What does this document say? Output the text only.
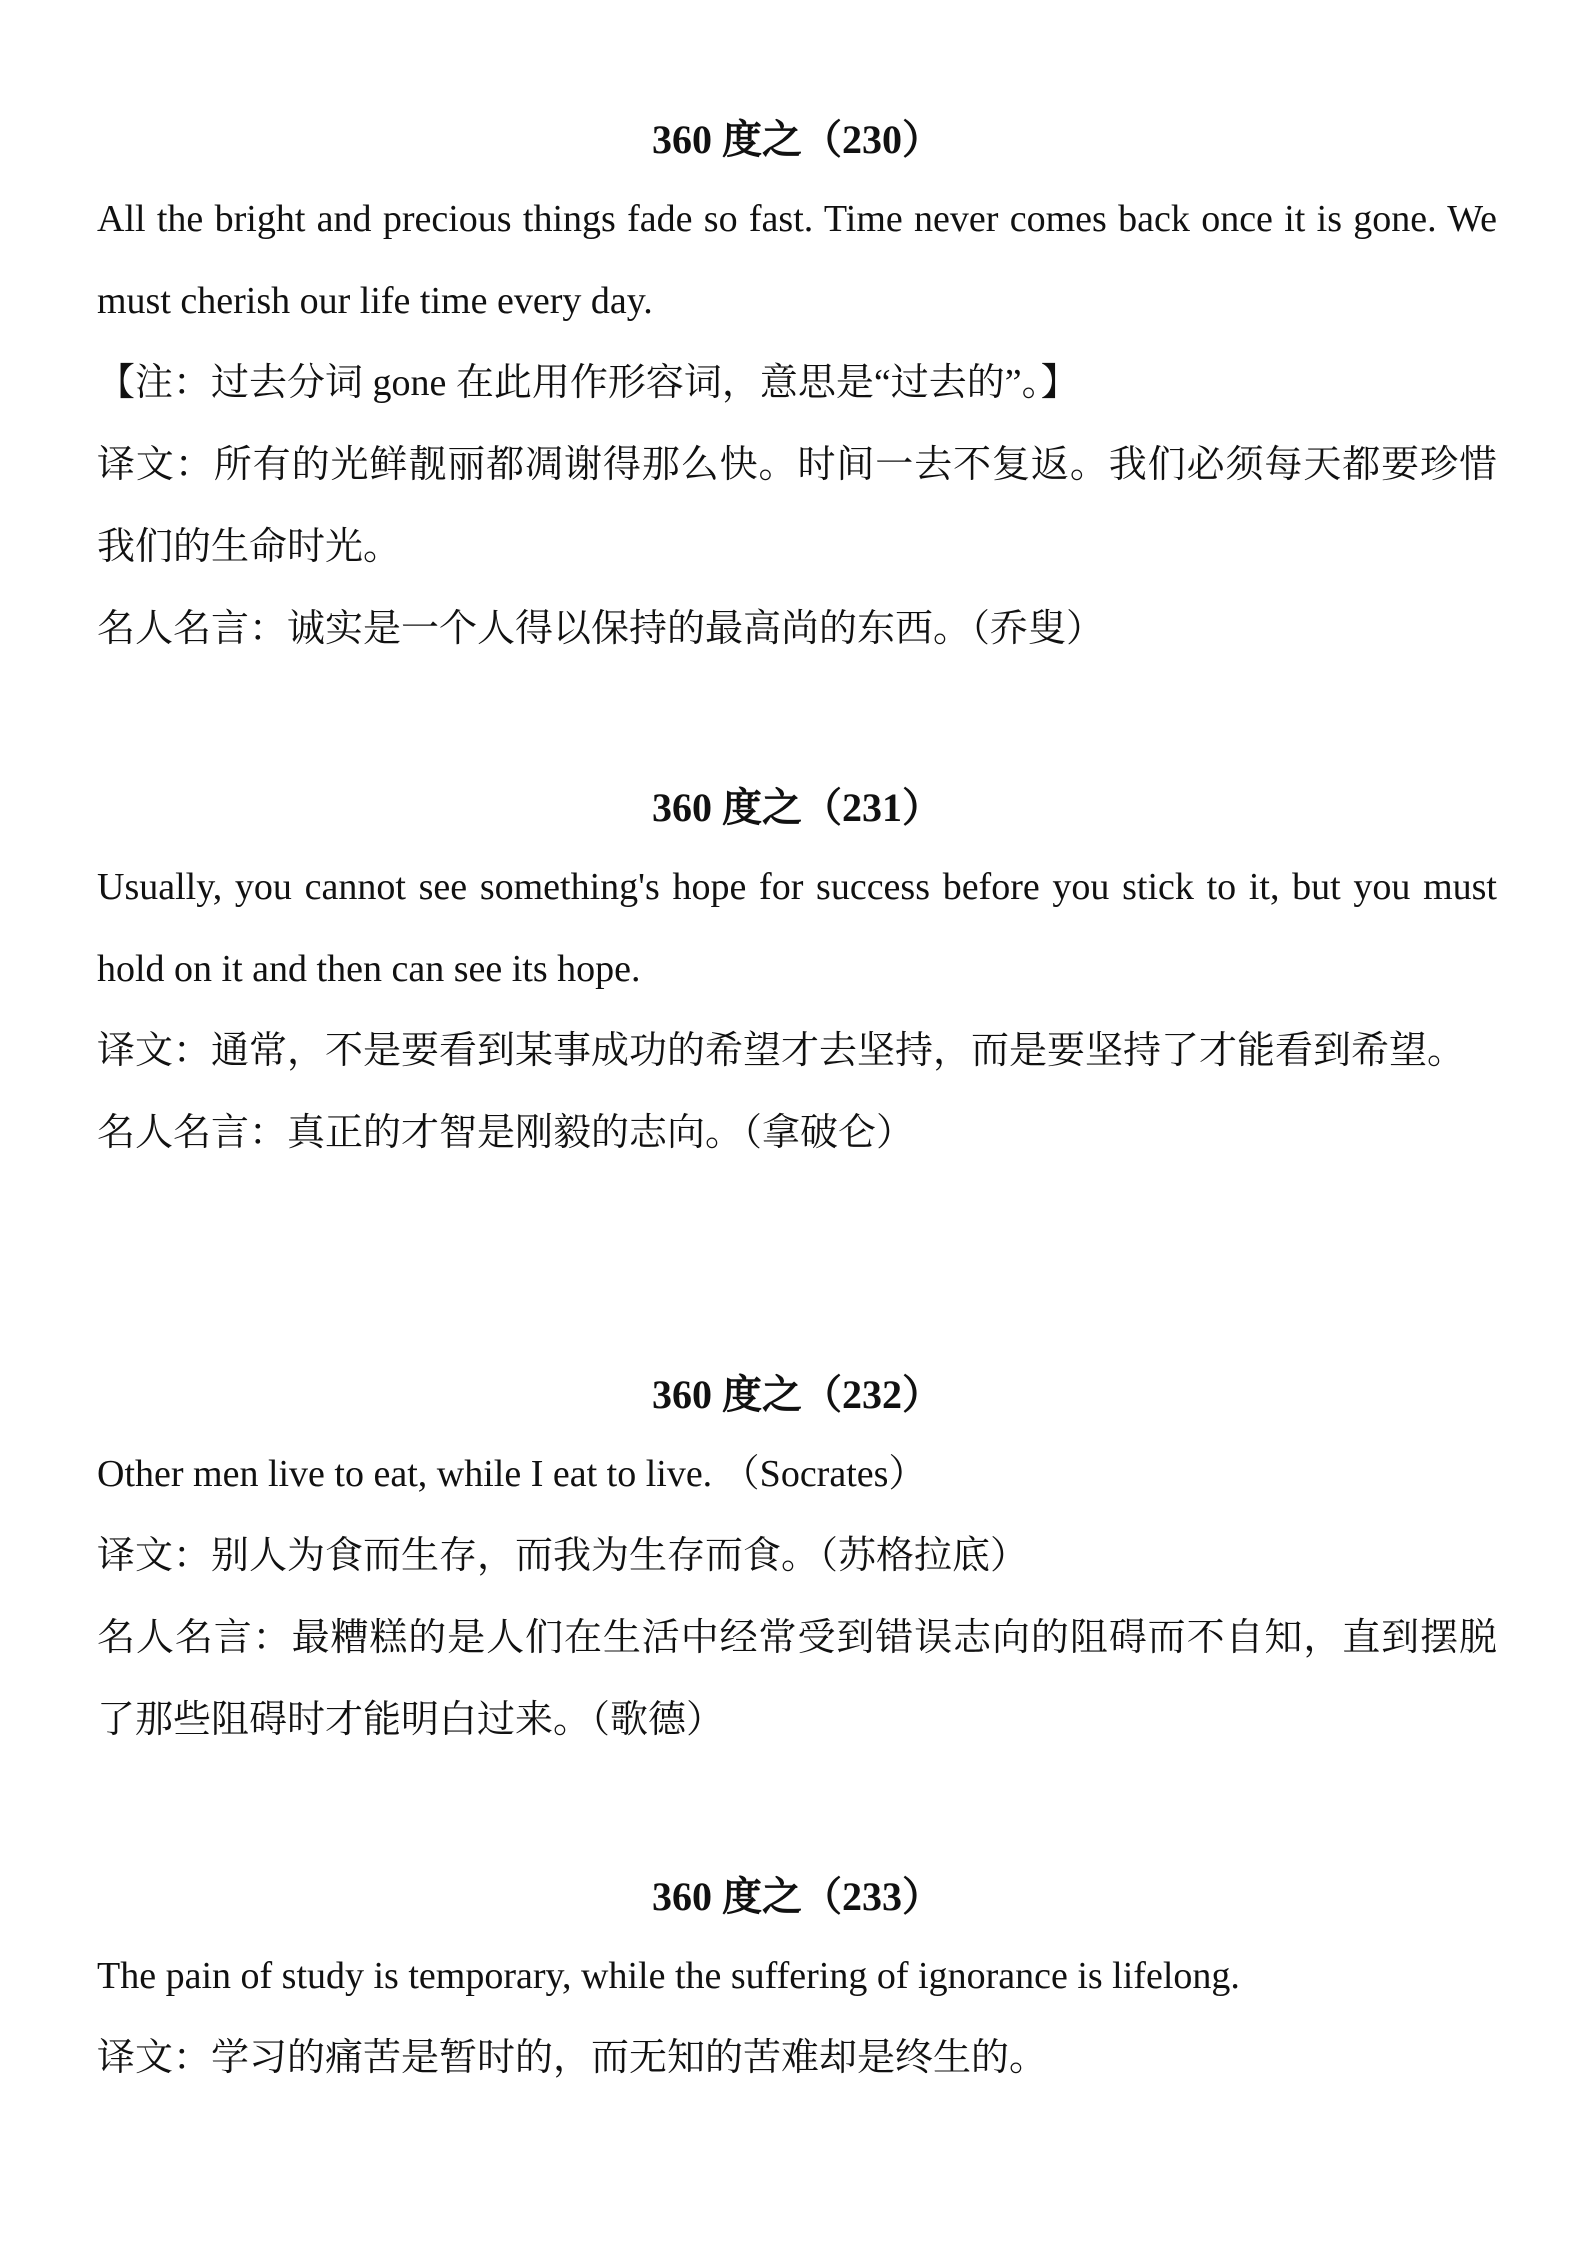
360 度之（230）

All the bright and precious things fade so fast. Time never comes back once it is gone. We must cherish our life time every day.

【注：过去分词 gone 在此用作形容词，意思是“过去的”。】

译文：所有的光鲜靓丽都凋谢得那么快。时间一去不复返。我们必须每天都要珍惜我们的生命时光。

名人名言：诚实是一个人得以保持的最高尚的东西。（乔叟）

360 度之（231）

Usually, you cannot see something's hope for success before you stick to it, but you must hold on it and then can see its hope.

译文：通常，不是要看到某事成功的希望才去坚持，而是要坚持了才能看到希望。

名人名言：真正的才智是刚毅的志向。（拿破仑）

360 度之（232）

Other men live to eat, while I eat to live. （Socrates）

译文：别人为食而生存，而我为生存而食。（苏格拉底）

名人名言：最糟糕的是人们在生活中经常受到错误志向的阻碍而不自知，直到摆脱了那些阻碍时才能明白过来。（歌德）

360 度之（233）

The pain of study is temporary, while the suffering of ignorance is lifelong.

译文：学习的痛苦是暂时的，而无知的苦难却是终生的。
